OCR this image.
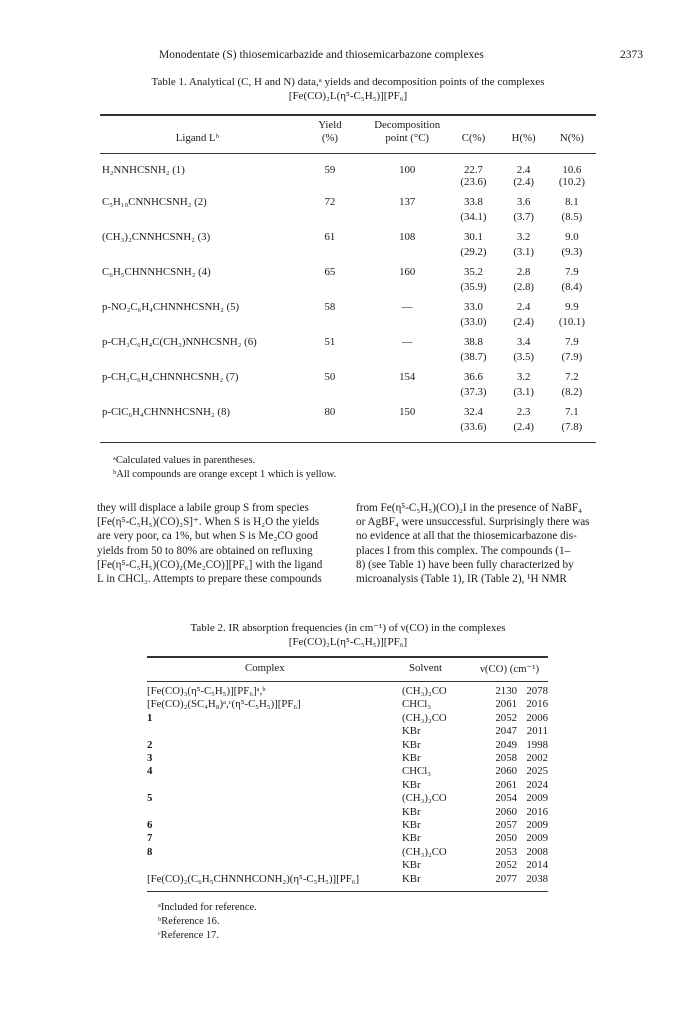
Monodentate (S) thiosemicarbazide and thiosemicarbazone complexes	2373
Table 1. Analytical (C, H and N) data,ᵃ yields and decomposition points of the complexes
[Fe(CO)₂L(η⁵-C₅H₅)][PF₆]
	Yield	Decomposition			
Ligand Lᵇ	(%)	point (°C)	C(%)	H(%)	N(%)
H₂NNHCSNH₂ (1)	59	100	22.7	2.4	10.6
			(23.6)	(2.4)	(10.2)
C₅H₁₀CNNHCSNH₂ (2)	72	137	33.8	3.6	8.1
			(34.1)	(3.7)	(8.5)
(CH₃)₂CNNHCSNH₂ (3)	61	108	30.1	3.2	9.0
			(29.2)	(3.1)	(9.3)
C₆H₅CHNNHCSNH₂ (4)	65	160	35.2	2.8	7.9
			(35.9)	(2.8)	(8.4)
p-NO₂C₆H₄CHNNHCSNH₂ (5)	58	—	33.0	2.4	9.9
			(33.0)	(2.4)	(10.1)
p-CH₃C₆H₄C(CH₃)NNHCSNH₂ (6)	51	—	38.8	3.4	7.9
			(38.7)	(3.5)	(7.9)
p-CH₃C₆H₄CHNNHCSNH₂ (7)	50	154	36.6	3.2	7.2
			(37.3)	(3.1)	(8.2)
p-ClC₆H₄CHNNHCSNH₂ (8)	80	150	32.4	2.3	7.1
			(33.6)	(2.4)	(7.8)
ᵃCalculated values in parentheses.
ᵇAll compounds are orange except 1 which is yellow.
they will displace a labile group S from species
[Fe(η⁵-C₅H₅)(CO)₂S]⁺. When S is H₂O the yields
are very poor, ca 1%, but when S is Me₂CO good
yields from 50 to 80% are obtained on refluxing
[Fe(η⁵-C₅H₅)(CO)₂(Me₂CO)][PF₆] with the ligand
L in CHCl₃. Attempts to prepare these compounds
from Fe(η⁵-C₅H₅)(CO)₂I in the presence of NaBF₄
or AgBF₄ were unsuccessful. Surprisingly there was
no evidence at all that the thiosemicarbazone dis-
places I from this complex. The compounds (1–
8) (see Table 1) have been fully characterized by
microanalysis (Table 1), IR (Table 2), ¹H NMR
Table 2. IR absorption frequencies (in cm⁻¹) of ν(CO) in the complexes
[Fe(CO)₂L(η⁵-C₅H₅)][PF₆]
Complex	Solvent	ν(CO) (cm⁻¹)
[Fe(CO)₃(η⁵-C₅H₅)][PF₆]ᵃ,ᵇ	(CH₃)₂CO	2130	2078
[Fe(CO)₂(SC₄H₈)ᵃ,ᶜ(η⁵-C₅H₅)][PF₆]	CHCl₃	2061	2016
1	(CH₃)₂CO	2052	2006
	KBr	2047	2011
2	KBr	2049	1998
3	KBr	2058	2002
4	CHCl₃	2060	2025
	KBr	2061	2024
5	(CH₃)₂CO	2054	2009
	KBr	2060	2016
6	KBr	2057	2009
7	KBr	2050	2009
8	(CH₃)₂CO	2053	2008
	KBr	2052	2014
[Fe(CO)₂(C₆H₅CHNNHCONH₂)(η⁵-C₅H₅)][PF₆]	KBr	2077	2038
ᵃIncluded for reference.
ᵇReference 16.
ᶜReference 17.
